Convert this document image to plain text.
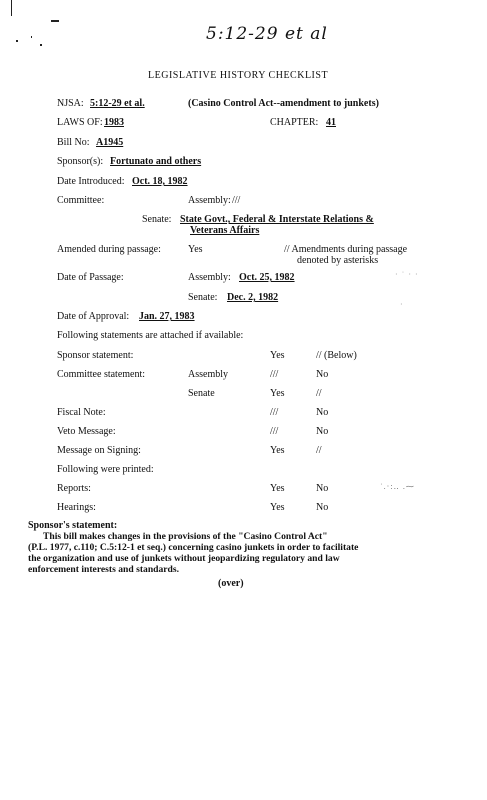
5:12-29 et al
LEGISLATIVE HISTORY CHECKLIST
NJSA: 5:12-29 et al.	(Casino Control Act--amendment to junkets)
LAWS OF: 1983	CHAPTER: 41
Bill No: A1945
Sponsor(s): Fortunato and others
Date Introduced: Oct. 18, 1982
Committee:	Assembly: ///
Senate: State Govt., Federal & Interstate Relations &
Veterans Affairs
Amended during passage:	Yes	// Amendments during passage
denoted by asterisks
Date of Passage:	Assembly: Oct. 25, 1982
Senate: Dec. 2, 1982
Date of Approval: Jan. 27, 1983
Following statements are attached if available:
Sponsor statement:	Yes	// (Below)
Committee statement:	Assembly	///	No
Senate	Yes	//
Fiscal Note:	///	No
Veto Message:	///	No
Message on Signing:	Yes	//
Following were printed:
Reports:	Yes	No
Hearings:	Yes	No
Sponsor's statement:
This bill makes changes in the provisions of the "Casino Control Act"
(P.L. 1977, c.110; C.5:12-1 et seq.) concerning casino junkets in order to facilitate
the organization and use of junkets without jeopardizing regulatory and law
enforcement interests and standards.
(over)
· ˙ · ·
·
˙.·:‥ .⁓
